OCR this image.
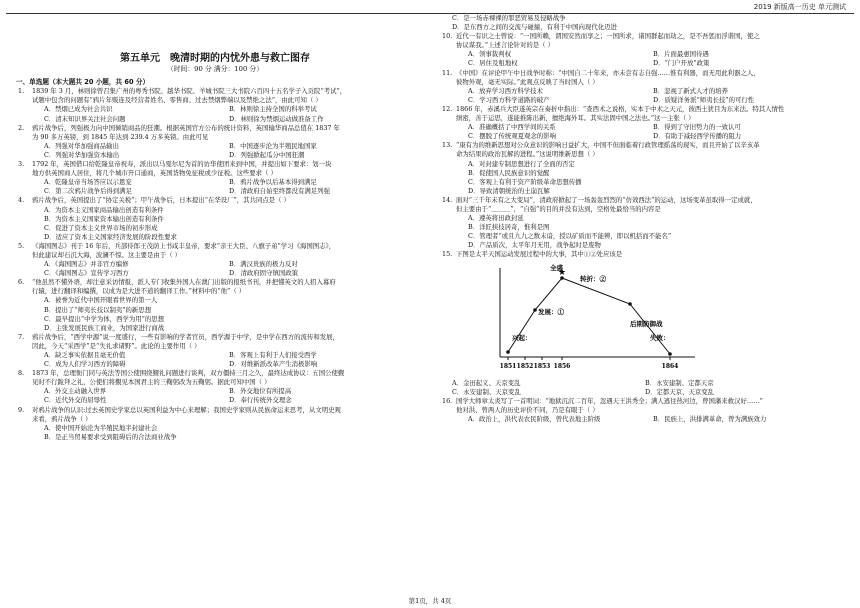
2019 新版高一历史 单元测试
第五单元　晚清时期的内忧外患与救亡图存
（时间：90 分 满分：100 分）
一、单选题（本大题共 20 小题，共 60 分）
1. 1839 年 3 月，林则徐曾召集广州的粤秀书院、越华书院、羊城书院三大书院六百四十五名学子入贡院“考试”，
试题中包含的问题有“鸦片年贩连及经营者姓名、零售商、过去禁烟弊端以及禁绝之法”，由此可知（ ）
A．禁烟已成为社会共识	B．林则徐主持全国的科举考试
C．清末知识界关注社会问题	D．林则徐为禁烟运动做准备工作
2. 鸦片战争后，列强极力向中国倾销商品的狂潮。根据英国官方公布的统计资料，英国输华商品总值在 1837 年
为 90 多万英镑，到 1845 年达到 239.4 万多英镑。由此可见
A．列强对华加强商品输出	B．中国逐步沦为半殖民地国家
C．列强对华加强资本输出	D．列强掀起瓜分中国狂潮
3. 1792 年，英国借口给乾隆皇帝祝寿，派出以马戛尔尼为首的访华使团来到中国，并提出如下要求：划一块
地方供英国商人居住，将几个城市开口通商，英国货物免征税或少征税。这些要求（ ）
A．乾隆皇帝当场答应以示恩宠	B．鸦片战争以后基本得到满足
C．第二次鸦片战争后得到满足	D．清政府自始至终都没有满足列强
4. 鸦片战争后，英国提出了“协定关税”；甲午战争后，日本提出“在华设厂”，其共同点是（ ）
A．为资本主义国家商品输出创造有利条件
B．为资本主义国家资本输出创造有利条件
C．促进了资本主义世界市场的初步形成
D．适应了资本主义国家经济发展的阶段性要求
5. 《海国图志》刊于 16 年后，兵部侍郎王茂荫上书咸丰皇帝，要求“亲王大臣、八旗子弟”学习《海国图志》，
但此建议却石沉大海，波澜不惊。这主要是由于（ ）
A．《海国图志》并非官方编修	B．满汉贵族的极力反对
C．《海国图志》宣传学习西方	D．清政府固守镇国政策
6. “他虽然不懂外语，却注意采访情报，派人专门收集外国人在澳门出版的报纸书刊，并把懂英文的人招入幕府
行辕，进行翻译和编撰，以成为是大进不道的翻译工作。”材料中的“他”（ ）
A．被誉为近代中国开眼看世界的第一人
B．提出了“师夷长技以制夷”的新思想
C．最早提出“中学为体，西学为用”的思想
D．主张发展民族工商业，为国家进行商战
7. 鸦片战争后，“西学中源”说一度盛行，一些有影响的学者官员，西学源于中学，是中学在西方的流传和发展，
因此，今天“采西学”是“失礼求诸野”。此论的主要作用（ ）
A．缺乏事实依据且毫无价值	B．客观上有利于人们接受西学
C．成为人们学习西方的障碍	D．对维新派改革产生消极影响
8. 1873 年，总理衙门同与英法等国公使围绕觐礼问题进行谈判，双方僵持三月之久，最终达成协议：五国公使觐
见时不行跪拜之礼，公使们将覲见本国君主的三鞠躬改为五鞠躬。据此可知中国（ ）
A．外交主动融入世界	B．外交地位有所提高
C．近代外交的屈辱性	D．奉行传统外交理念
9. 对鸦片战争的认识:过去英国史学家总以英国利益为中心来理解；我国史学家则从民族命运来思考，从文明史观
来看，鸦片战争（ ）
A．使中国开始沦为半殖民地半封建社会
B．是正当贸易要求受到阻碍后的合法商业战争
C．是一场赤裸裸的罪恶贸易及侵略战争
D．是东西方之间的交流与碰撞，有利于中国向现代化迈进
10. 近代一有识之士曾说：“一国所赖，谓国安然而享之；一国所求，诸国群起而劫之，是不吾惩而浮谐国，使之
协议谋我。”上述言论针对的是（ ）
A．领事裁判权	B．片面最惠国待遇
C．居住及租地权	D．“门户开放”政策
11. 《中国》在评论甲午中日战争时称：“中国自二十年来，亦未尝有志自强……惟有利器，而无用此利器之人，
彼物外观，毫无实际。”此观点反映了当时国人（ ）
A．放弃学习西方科学技术	B．忽视了新式人才的培养
C．学习西方科学道路的破产	D．质疑洋务派“师夷长技”的可行性
12. 1866 年，赤溪兵大臣遂英宗在奏折中指出：“查西术之说格，实本于中术之天元，彼西土犹目为东来法。特其人情性
缜密，善于运思，遂能推陈出新，擅绝海外耳。其实法固中国之法也。”这一主张（ ）
A．准确概括了中西学间的关系	B．得到了守旧势力的一致认可
C．摆脱了传统观夏观念的影响	D．有助于减轻西学传播的阻力
13. “康有为的维新思想对公众意识的影响日益扩大，中国不但面临着行政管理摇荡的现实，而且开始了以辛亥革
命为结果的政治瓦解的进程。”这说明维新思想（ ）
A．对封建专制思想进行了全面的否定
B．促使国人民族意识的觉醒
C．客观上有利于资产阶级革命思想传播
D．导致清朝统治的土崩瓦解
14. 面对“三千年未有之大变局”，清政府掀起了一场轰轰烈烈的“仿效西法”的运动，这场变革虽取得一定成就，
但主要由于“＿＿＿”，“自强”的目的并没有达到，空格处最恰当的内容是
A．遵英将田政封延
B．洋匠挟技居奇，惟利是图
C．管理者“或且九九之数未谙，授以矿质而不能辨，即以机括而不能名”
D．产品质次，太平年月无用，战争起时是废物
15. 下图是太平天国运动发展过程中的大事，其中①②处应该是
★
全盛
转折：②
发展：①
兴起：
后期防御战
失败：
1851 1852 1853 1856	1864
A．金田起义、天京变乱	B．永安建制、定都天京
C．永安建制、天京变乱	D．定都天京、天京变乱
16. 国学大师章太炎写了一首明词：“地狱沉沉二百年，忽遇天王洪秀全；满人逃往热河边，曾国藩来救汉好……”
他对洪、曾两人的历史评价不同，乃是有眼于（ ）
A．政治上，洪代表农民阶级，曾代表地主阶级	B．民族上，洪排满革命，曾为满族效力
第1页，共 4页
